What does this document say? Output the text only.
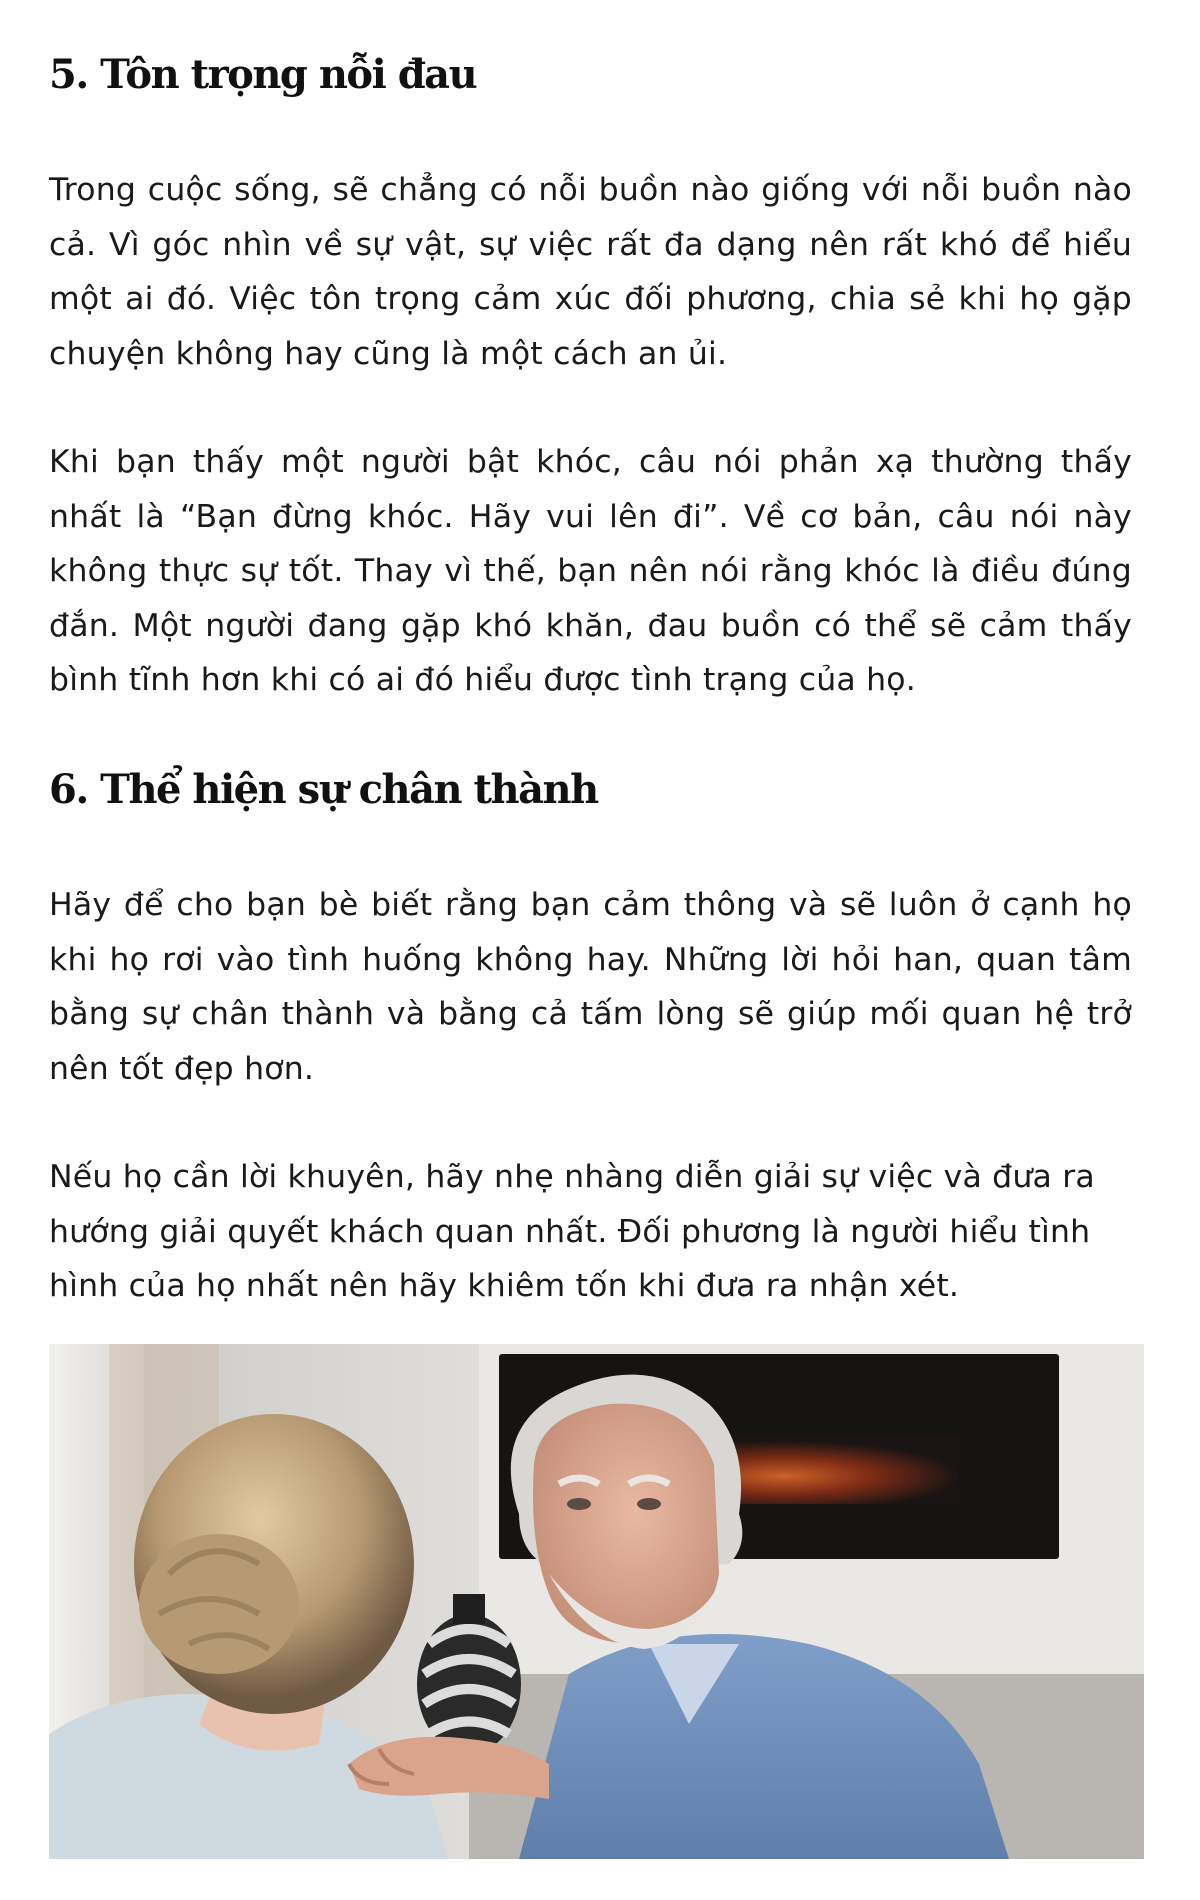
5. Tôn trọng nỗi đau

Trong cuộc sống, sẽ chẳng có nỗi buồn nào giống với nỗi buồn nào cả. Vì góc nhìn về sự vật, sự việc rất đa dạng nên rất khó để hiểu một ai đó. Việc tôn trọng cảm xúc đối phương, chia sẻ khi họ gặp chuyện không hay cũng là một cách an ủi.

Khi bạn thấy một người bật khóc, câu nói phản xạ thường thấy nhất là “Bạn đừng khóc. Hãy vui lên đi”. Về cơ bản, câu nói này không thực sự tốt. Thay vì thế, bạn nên nói rằng khóc là điều đúng đắn. Một người đang gặp khó khăn, đau buồn có thể sẽ cảm thấy bình tĩnh hơn khi có ai đó hiểu được tình trạng của họ.

6. Thể hiện sự chân thành

Hãy để cho bạn bè biết rằng bạn cảm thông và sẽ luôn ở cạnh họ khi họ rơi vào tình huống không hay. Những lời hỏi han, quan tâm bằng sự chân thành và bằng cả tấm lòng sẽ giúp mối quan hệ trở nên tốt đẹp hơn.

Nếu họ cần lời khuyên, hãy nhẹ nhàng diễn giải sự việc và đưa ra hướng giải quyết khách quan nhất. Đối phương là người hiểu tình hình của họ nhất nên hãy khiêm tốn khi đưa ra nhận xét.
